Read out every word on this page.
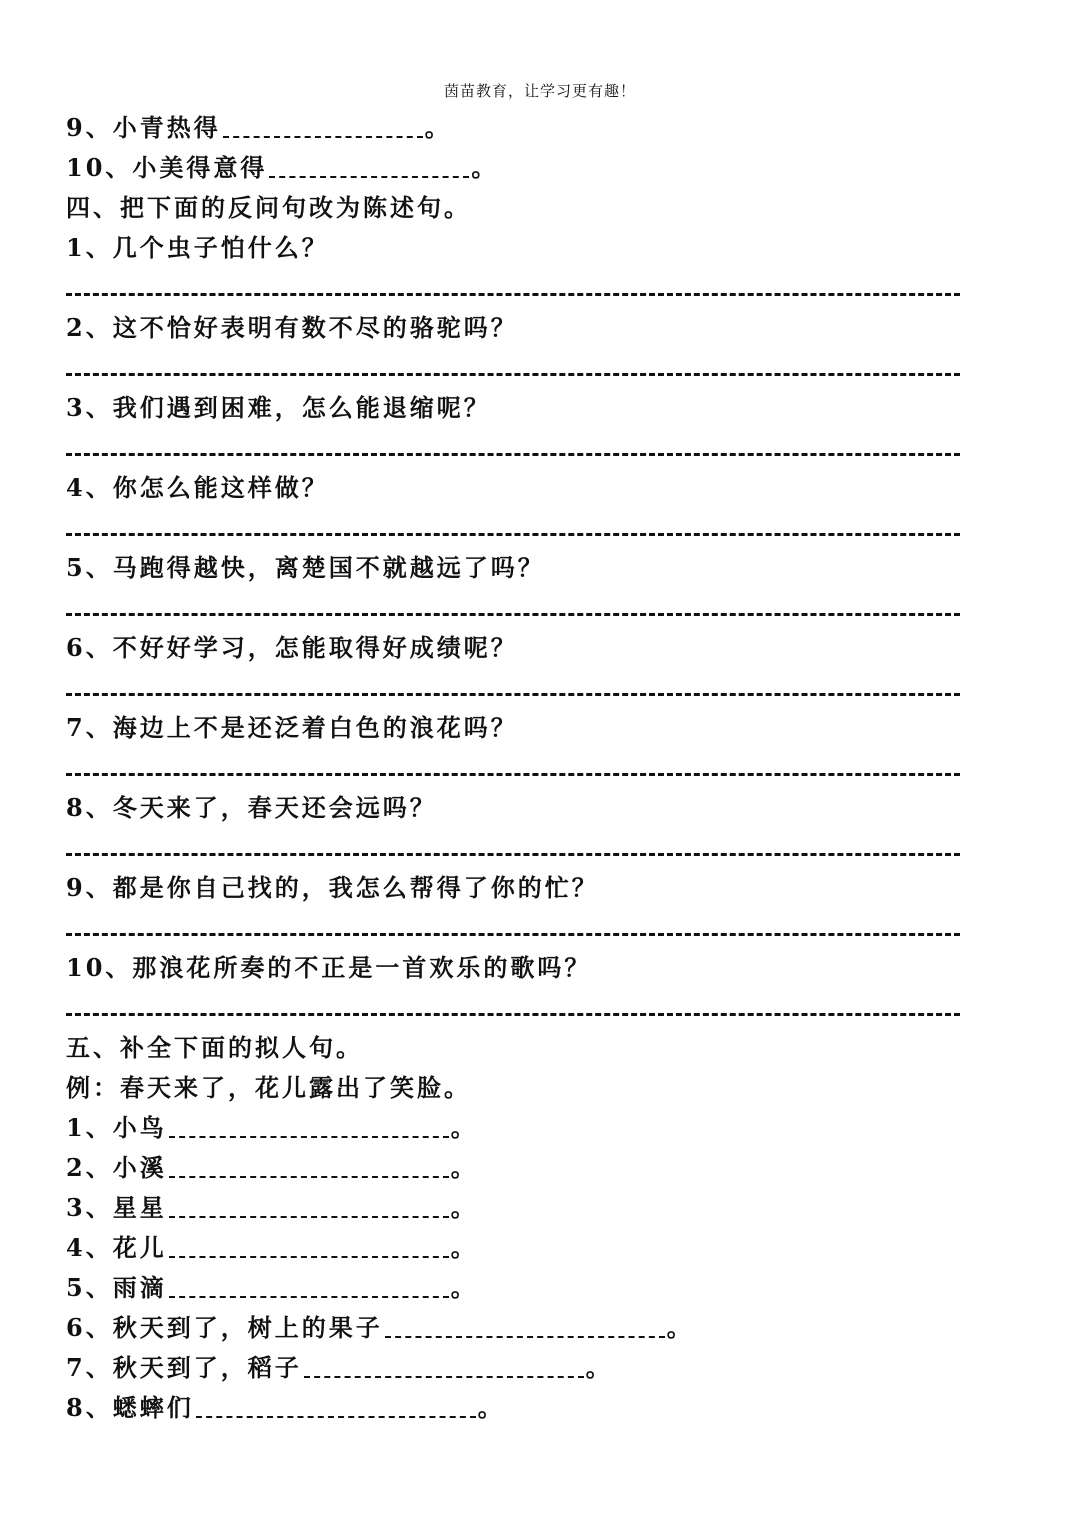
茵苗教育，让学习更有趣！
9、小青热得	。
10、小美得意得	。
四、把下面的反问句改为陈述句。
1、几个虫子怕什么？
2、这不恰好表明有数不尽的骆驼吗？
3、我们遇到困难，怎么能退缩呢？
4、你怎么能这样做？
5、马跑得越快，离楚国不就越远了吗？
6、不好好学习，怎能取得好成绩呢？
7、海边上不是还泛着白色的浪花吗？
8、冬天来了，春天还会远吗？
9、都是你自己找的，我怎么帮得了你的忙？
10、那浪花所奏的不正是一首欢乐的歌吗？
五、补全下面的拟人句。
例：春天来了，花儿露出了笑脸。
1、小鸟	。
2、小溪	。
3、星星	。
4、花儿	。
5、雨滴	。
6、秋天到了，树上的果子	。
7、秋天到了，稻子	。
8、蟋蟀们	。
